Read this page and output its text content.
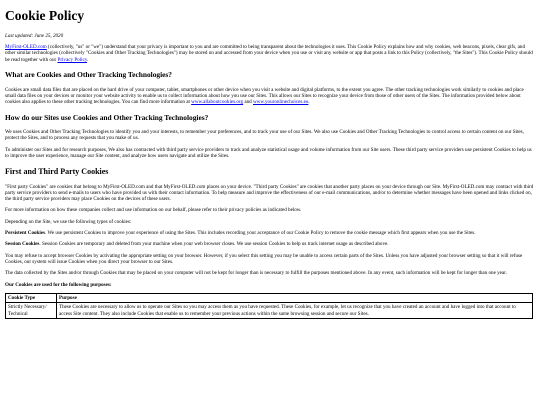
Cookie Policy

Last updated: June 25, 2020

MyFirst-OLED.com (collectively, "us" or "we") understand that your privacy is important to you and are committed to being transparent about the technologies it uses. This Cookie Policy explains how and why cookies, web beacons, pixels, clear gifs, and other similar technologies (collectively "Cookies and Other Tracking Technologies") may be stored on and accessed from your device when you use or visit any website or app that posts a link to this Policy (collectively, "the Sites"). This Cookie Policy should be read together with our Privacy Policy.

What are Cookies and Other Tracking Technologies?

Cookies are small data files that are placed on the hard drive of your computer, tablet, smartphones or other device when you visit a website and digital platforms, to the extent you agree. The other tracking technologies work similarly to cookies and place small data files on your devices or monitor your website activity to enable us to collect information about how you use our Sites. This allows our Sites to recognize your device from those of other users of the Sites. The information provided below about cookies also applies to these other tracking technologies. You can find more information at www.allaboutcookies.org and www.youronlinechoices.eu.

How do our Sites use Cookies and Other Tracking Technologies?

We uses Cookies and Other Tracking Technologies to identify you and your interests, to remember your preferences, and to track your use of our Sites. We also use Cookies and Other Tracking Technologies to control access to certain content on our Sites, protect the Sites, and to process any requests that you make of us.

To administer our Sites and for research purposes, We also has contracted with third party service providers to track and analyze statistical usage and volume information from our Site users. These third party service providers use persistent Cookies to help us to improve the user experience, manage our Site content, and analyze how users navigate and utilize the Sites.

First and Third Party Cookies

"First party Cookies" are cookies that belong to MyFirst-OLED.com and that MyFirst-OLED.com places on your device. "Third party Cookies" are cookies that another party places on your device through our Site. MyFirst-OLED.com may contract with third party service providers to send e-mails to users who have provided us with their contact information. To help measure and improve the effectiveness of our e-mail communications, and/or to determine whether messages have been opened and links clicked on, the third party service providers may place Cookies on the devices of these users.

For more information on how these companies collect and use information on our behalf, please refer to their privacy policies as indicated below.

Depending on the Site, we use the following types of cookies:

Persistent Cookies. We use persistent Cookies to improve your experience of using the Sites. This includes recording your acceptance of our Cookie Policy to remove the cookie message which first appears when you use the Sites.

Session Cookies. Session Cookies are temporary and deleted from your machine when your web browser closes. We use session Cookies to help us track internet usage as described above.

You may refuse to accept browser Cookies by activating the appropriate setting on your browser. However, if you select this setting you may be unable to access certain parts of the Sites. Unless you have adjusted your browser setting so that it will refuse Cookies, our system will issue Cookies when you direct your browser to our Sites.

The data collected by the Sites and/or through Cookies that may be placed on your computer will not be kept for longer than is necessary to fulfill the purposes mentioned above. In any event, such information will be kept for longer than one year.

Our Cookies are used for the following purposes:

Cookie Type	Purpose
Strictly Necessary/ Technical	These Cookies are necessary to allow us to operate our Sites so you may access them as you have requested. These Cookies, for example, let us recognize that you have created an account and have logged into that account to access Site content. They also include Cookies that enable us to remember your previous actions within the same browsing session and secure our Sites.
